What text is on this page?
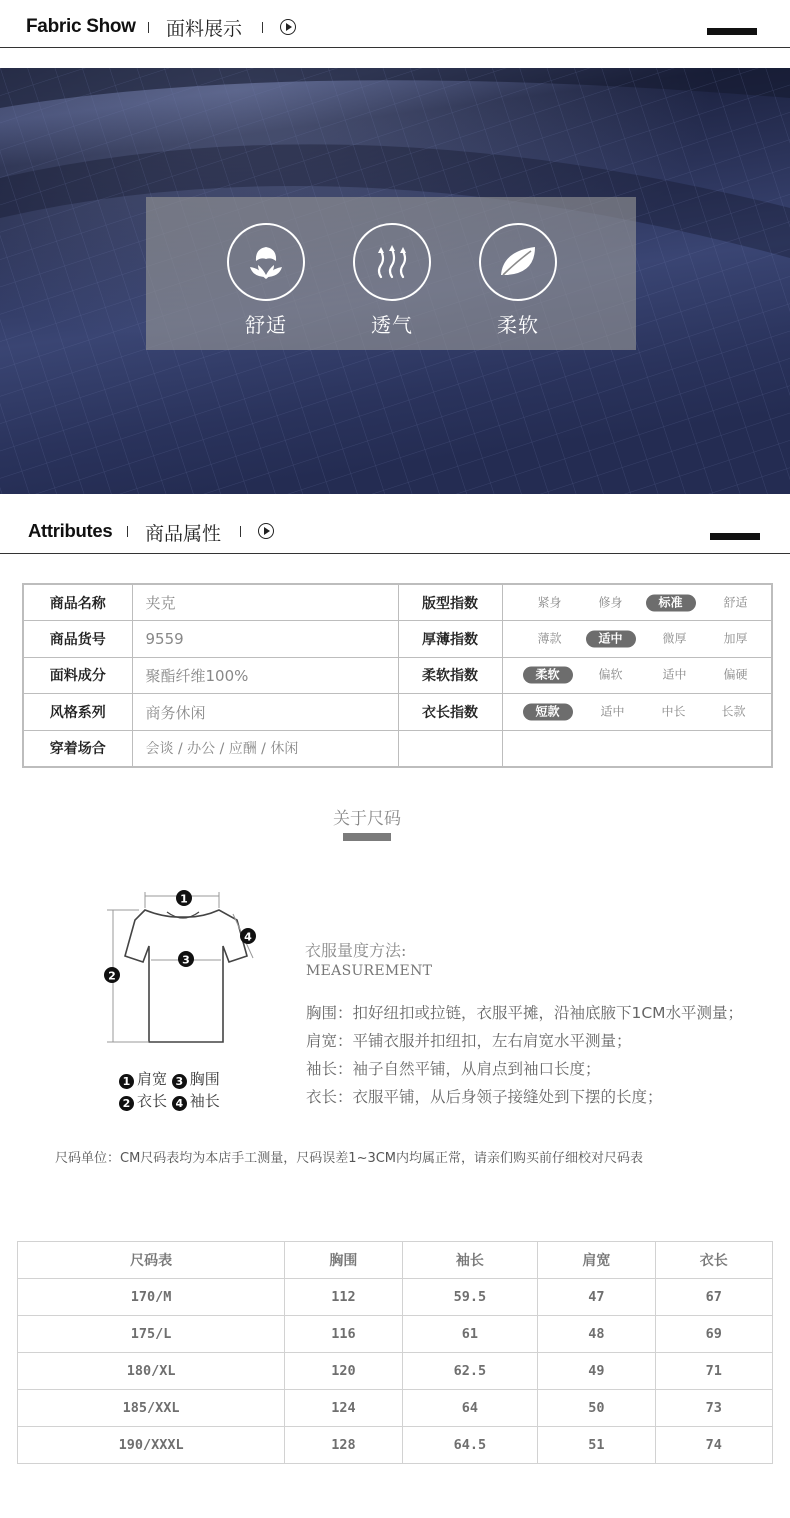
Fabric Show 面料展示
舒适	透气	柔软
Attributes 商品属性
商品名称	夹克	版型指数	紧身 修身 标准 舒适

商品货号	9559	厚薄指数	薄款 适中 微厚 加厚

面料成分	聚酯纤维100%	柔软指数	柔软 偏软 适中 偏硬

风格系列	商务休闲	衣长指数	短款 适中 中长 长款

穿着场合	会谈 / 办公 / 应酬 / 休闲		
关于尺码
1
2
3
4
1 肩宽 3 胸围
2 衣长 4 袖长
衣服量度方法:
MEASUREMENT
胸围：扣好纽扣或拉链，衣服平摊，沿袖底腋下1CM水平测量；
肩宽：平铺衣服并扣纽扣，左右肩宽水平测量；
袖长：袖子自然平铺，从肩点到袖口长度；
衣长：衣服平铺，从后身领子接缝处到下摆的长度；
尺码单位：CM尺码表均为本店手工测量，尺码误差1~3CM内均属正常，请亲们购买前仔细校对尺码表
尺码表	胸围	袖长	肩宽	衣长
170/M	112	59.5	47	67
175/L	116	61	48	69
180/XL	120	62.5	49	71
185/XXL	124	64	50	73
190/XXXL	128	64.5	51	74
